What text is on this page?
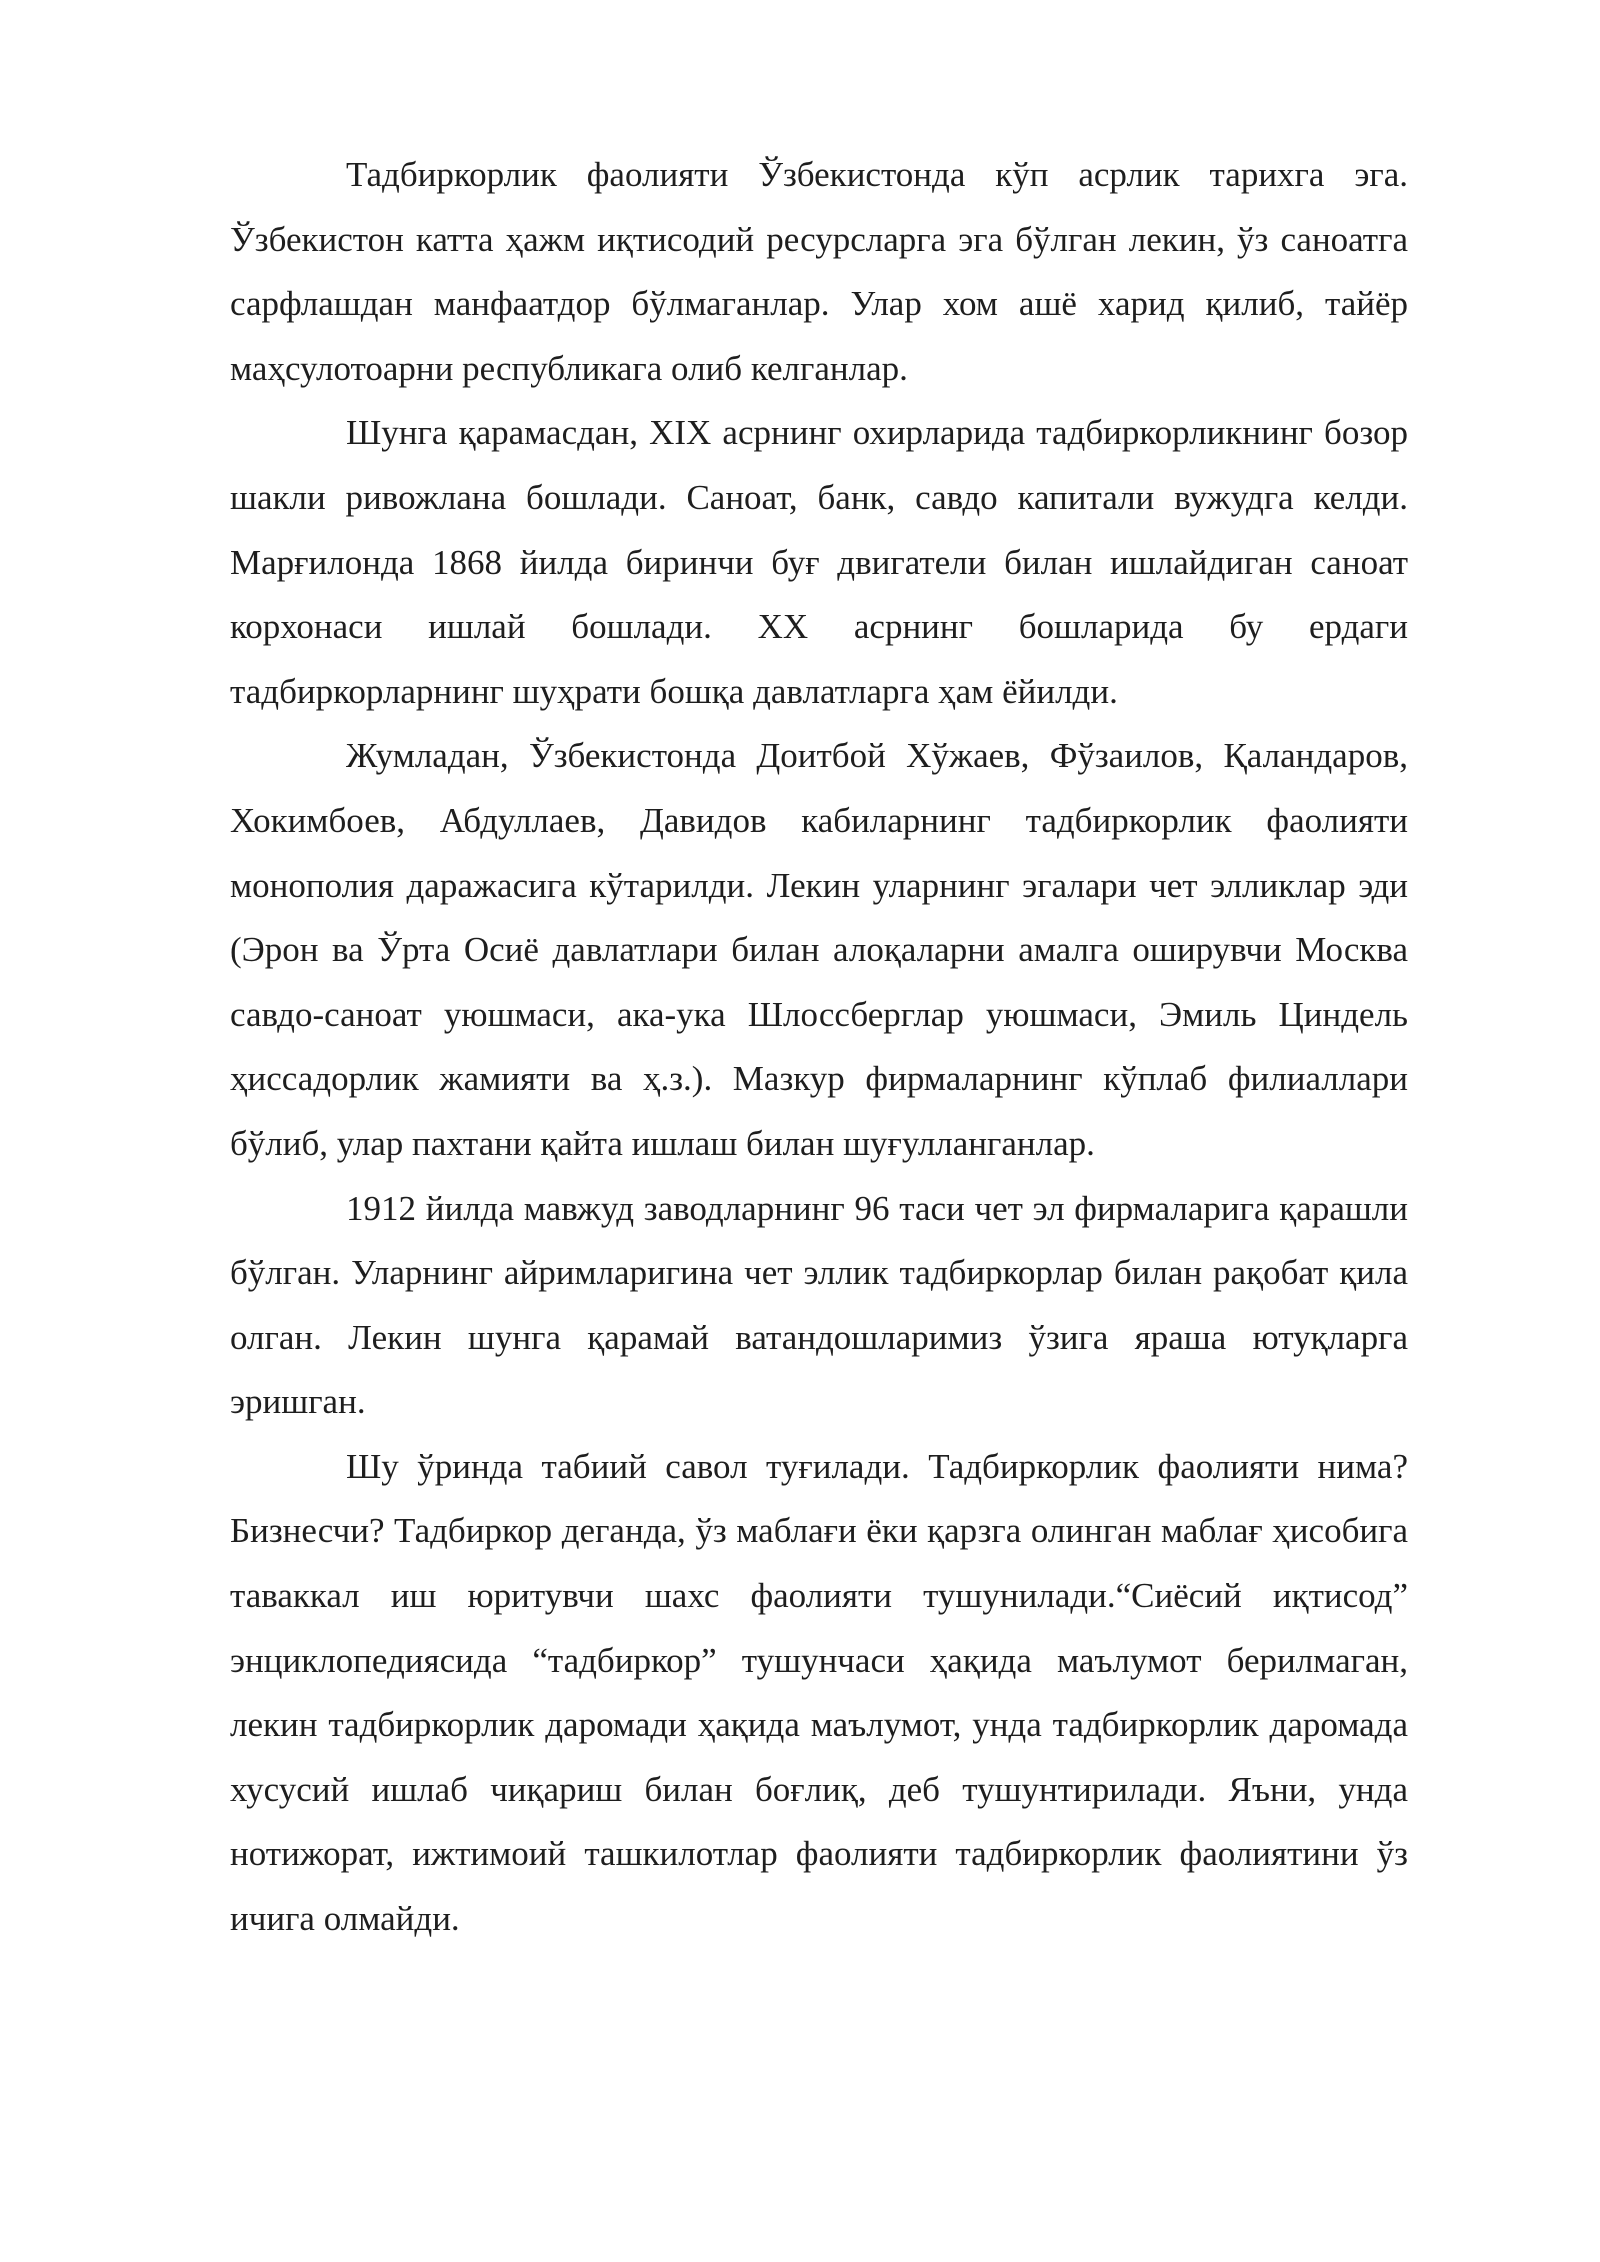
Тадбиркорлик фаолияти Ўзбекистонда кўп асрлик тарихга эга. Ўзбекистон катта ҳажм иқтисодий ресурсларга эга бўлган лекин, ўз саноатга сарфлашдан манфаатдор бўлмаганлар. Улар хом ашё харид қилиб, тайёр маҳсулотоарни республикага олиб келганлар.

Шунга қарамасдан, XIX асрнинг охирларида тадбиркорликнинг бозор шакли ривожлана бошлади. Саноат, банк, савдо капитали вужудга келди. Марғилонда 1868 йилда биринчи буғ двигатели билан ишлайдиган саноат корхонаси ишлай бошлади. XX асрнинг бошларида бу ердаги тадбиркорларнинг шуҳрати бошқа давлатларга ҳам ёйилди.

Жумладан, Ўзбекистонда Доитбой Хўжаев, Фўзаилов, Қаландаров, Хокимбоев, Абдуллаев, Давидов кабиларнинг тадбиркорлик фаолияти монополия даражасига кўтарилди. Лекин уларнинг эгалари чет элликлар эди (Эрон ва Ўрта Осиё давлатлари билан алоқаларни амалга оширувчи Москва савдо-саноат уюшмаси, ака-ука Шлоссберглар уюшмаси, Эмиль Циндель ҳиссадорлик жамияти ва ҳ.з.). Мазкур фирмаларнинг кўплаб филиаллари бўлиб, улар пахтани қайта ишлаш билан шуғулланганлар.

1912 йилда мавжуд заводларнинг 96 таси чет эл фирмаларига қарашли бўлган. Уларнинг айримларигина чет эллик тадбиркорлар билан рақобат қила олган. Лекин шунга қарамай ватандошларимиз ўзига яраша ютуқларга эришган.

Шу ўринда табиий савол туғилади. Тадбиркорлик фаолияти нима? Бизнесчи? Тадбиркор деганда, ўз маблағи ёки қарзга олинган маблағ ҳисобига таваккал иш юритувчи шахс фаолияти тушунилади.“Сиёсий иқтисод” энциклопедиясида “тадбиркор” тушунчаси ҳақида маълумот берилмаган, лекин тадбиркорлик даромади ҳақида маълумот, унда тадбиркорлик даромада хусусий ишлаб чиқариш билан боғлиқ, деб тушунтирилади. Яъни, унда нотижорат, ижтимоий ташкилотлар фаолияти тадбиркорлик фаолиятини ўз ичига олмайди.
